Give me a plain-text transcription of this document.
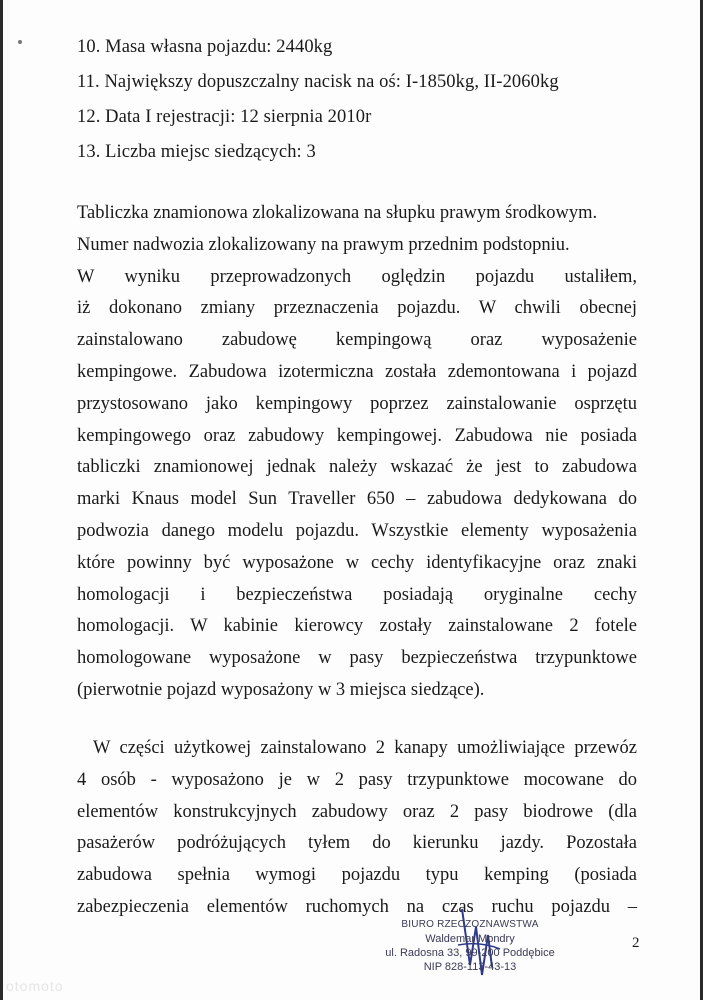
10. Masa własna pojazdu: 2440kg
11. Największy dopuszczalny nacisk na oś: I-1850kg, II-2060kg
12. Data I rejestracji: 12 sierpnia 2010r
13. Liczba miejsc siedzących: 3
Tabliczka znamionowa zlokalizowana na słupku prawym środkowym.
Numer nadwozia zlokalizowany na prawym przednim podstopniu.
W wyniku przeprowadzonych oględzin pojazdu ustaliłem,
iż dokonano zmiany przeznaczenia pojazdu. W chwili obecnej
zainstalowano zabudowę kempingową oraz wyposażenie
kempingowe. Zabudowa izotermiczna została zdemontowana i pojazd
przystosowano jako kempingowy poprzez zainstalowanie osprzętu
kempingowego oraz zabudowy kempingowej. Zabudowa nie posiada
tabliczki znamionowej jednak należy wskazać że jest to zabudowa
marki Knaus model Sun Traveller 650 – zabudowa dedykowana do
podwozia danego modelu pojazdu. Wszystkie elementy wyposażenia
które powinny być wyposażone w cechy identyfikacyjne oraz znaki
homologacji i bezpieczeństwa posiadają oryginalne cechy
homologacji. W kabinie kierowcy zostały zainstalowane 2 fotele
homologowane wyposażone w pasy bezpieczeństwa trzypunktowe
(pierwotnie pojazd wyposażony w 3 miejsca siedzące).
W części użytkowej zainstalowano 2 kanapy umożliwiające przewóz
4 osób - wyposażono je w 2 pasy trzypunktowe mocowane do
elementów konstrukcyjnych zabudowy oraz 2 pasy biodrowe (dla
pasażerów podróżujących tyłem do kierunku jazdy. Pozostała
zabudowa spełnia wymogi pojazdu typu kemping (posiada
zabezpieczenia elementów ruchomych na czas ruchu pojazdu –
BIURO RZECZOZNAWSTWA
Waldemar Mondry
ul. Radosna 33, 99-200 Poddębice
NIP 828-113-43-13
2
otomoto
